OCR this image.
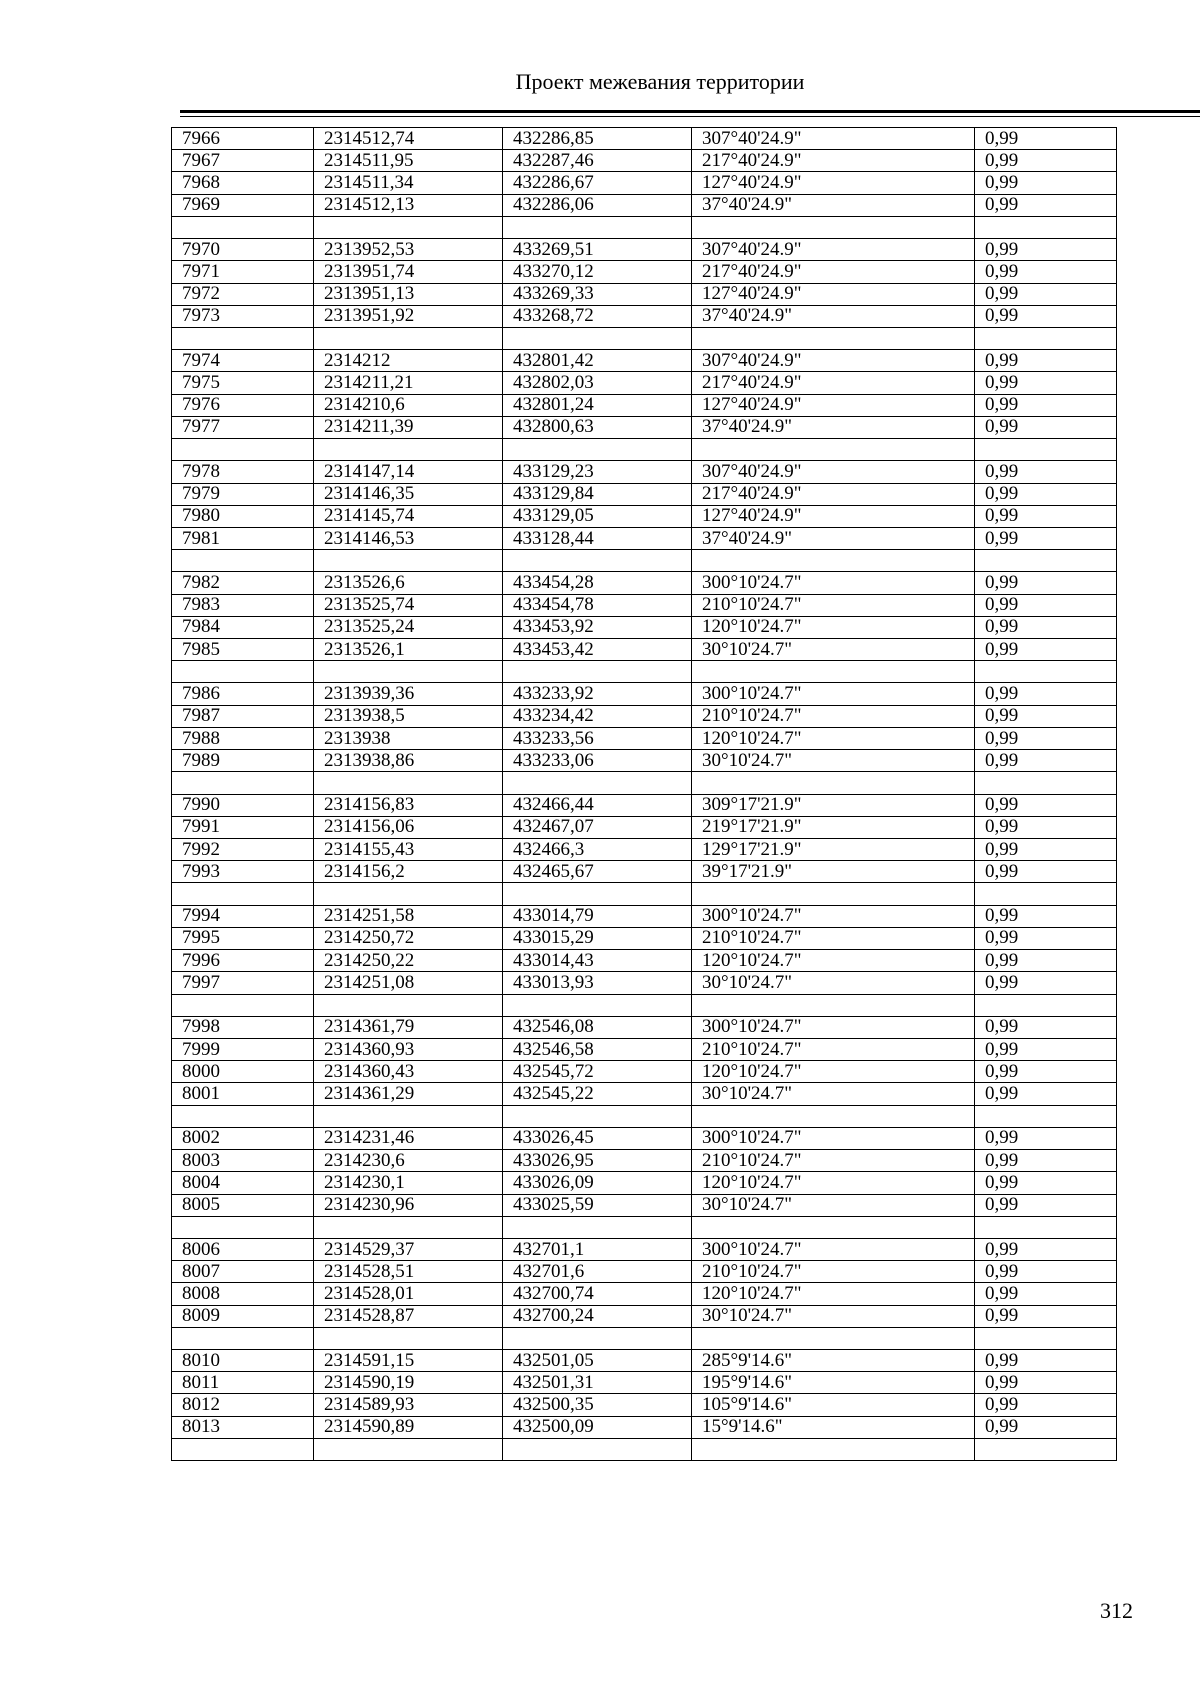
Проект межевания территории
7966	2314512,74	432286,85	307°40'24.9"	0,99
7967	2314511,95	432287,46	217°40'24.9"	0,99
7968	2314511,34	432286,67	127°40'24.9"	0,99
7969	2314512,13	432286,06	37°40'24.9"	0,99

7970	2313952,53	433269,51	307°40'24.9"	0,99
7971	2313951,74	433270,12	217°40'24.9"	0,99
7972	2313951,13	433269,33	127°40'24.9"	0,99
7973	2313951,92	433268,72	37°40'24.9"	0,99

7974	2314212	432801,42	307°40'24.9"	0,99
7975	2314211,21	432802,03	217°40'24.9"	0,99
7976	2314210,6	432801,24	127°40'24.9"	0,99
7977	2314211,39	432800,63	37°40'24.9"	0,99

7978	2314147,14	433129,23	307°40'24.9"	0,99
7979	2314146,35	433129,84	217°40'24.9"	0,99
7980	2314145,74	433129,05	127°40'24.9"	0,99
7981	2314146,53	433128,44	37°40'24.9"	0,99

7982	2313526,6	433454,28	300°10'24.7"	0,99
7983	2313525,74	433454,78	210°10'24.7"	0,99
7984	2313525,24	433453,92	120°10'24.7"	0,99
7985	2313526,1	433453,42	30°10'24.7"	0,99

7986	2313939,36	433233,92	300°10'24.7"	0,99
7987	2313938,5	433234,42	210°10'24.7"	0,99
7988	2313938	433233,56	120°10'24.7"	0,99
7989	2313938,86	433233,06	30°10'24.7"	0,99

7990	2314156,83	432466,44	309°17'21.9"	0,99
7991	2314156,06	432467,07	219°17'21.9"	0,99
7992	2314155,43	432466,3	129°17'21.9"	0,99
7993	2314156,2	432465,67	39°17'21.9"	0,99

7994	2314251,58	433014,79	300°10'24.7"	0,99
7995	2314250,72	433015,29	210°10'24.7"	0,99
7996	2314250,22	433014,43	120°10'24.7"	0,99
7997	2314251,08	433013,93	30°10'24.7"	0,99

7998	2314361,79	432546,08	300°10'24.7"	0,99
7999	2314360,93	432546,58	210°10'24.7"	0,99
8000	2314360,43	432545,72	120°10'24.7"	0,99
8001	2314361,29	432545,22	30°10'24.7"	0,99

8002	2314231,46	433026,45	300°10'24.7"	0,99
8003	2314230,6	433026,95	210°10'24.7"	0,99
8004	2314230,1	433026,09	120°10'24.7"	0,99
8005	2314230,96	433025,59	30°10'24.7"	0,99

8006	2314529,37	432701,1	300°10'24.7"	0,99
8007	2314528,51	432701,6	210°10'24.7"	0,99
8008	2314528,01	432700,74	120°10'24.7"	0,99
8009	2314528,87	432700,24	30°10'24.7"	0,99

8010	2314591,15	432501,05	285°9'14.6"	0,99
8011	2314590,19	432501,31	195°9'14.6"	0,99
8012	2314589,93	432500,35	105°9'14.6"	0,99
8013	2314590,89	432500,09	15°9'14.6"	0,99

312
